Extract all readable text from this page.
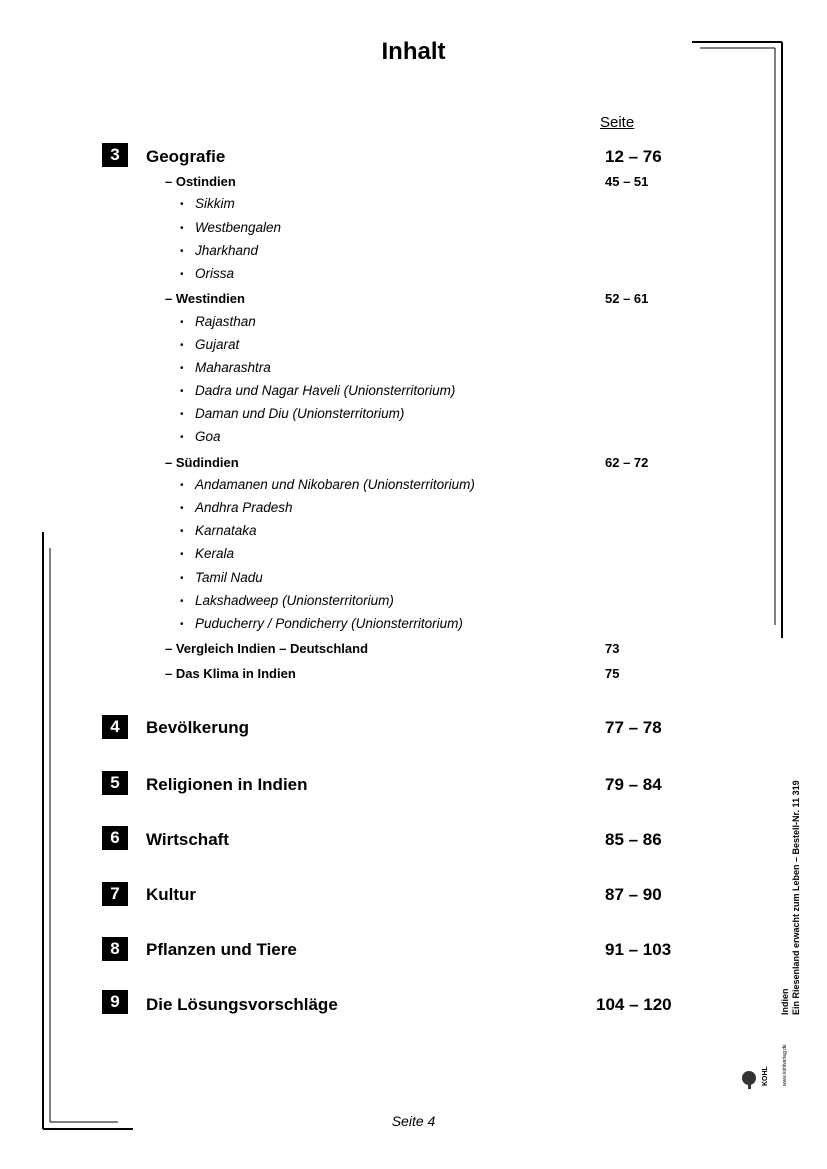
Inhalt
Seite
3	Geografie	12 – 76
– Ostindien	45 – 51
• Sikkim
• Westbengalen
• Jharkhand
• Orissa
– Westindien	52 – 61
• Rajasthan
• Gujarat
• Maharashtra
• Dadra und Nagar Haveli (Unionsterritorium)
• Daman und Diu (Unionsterritorium)
• Goa
– Südindien	62 – 72
• Andamanen und Nikobaren (Unionsterritorium)
• Andhra Pradesh
• Karnataka
• Kerala
• Tamil Nadu
• Lakshadweep (Unionsterritorium)
• Puducherry / Pondicherry (Unionsterritorium)
– Vergleich Indien – Deutschland	73
– Das Klima in Indien	75
4	Bevölkerung	77 – 78
5	Religionen in Indien	79 – 84
6	Wirtschaft	85 – 86
7	Kultur	87 – 90
8	Pflanzen und Tiere	91 – 103
9	Die Lösungsvorschläge	104 – 120	Indien Ein Riesenland erwacht zum Leben – Bestell-Nr. 11 319
KOHL	www.kohlverlag.de
Seite 4
